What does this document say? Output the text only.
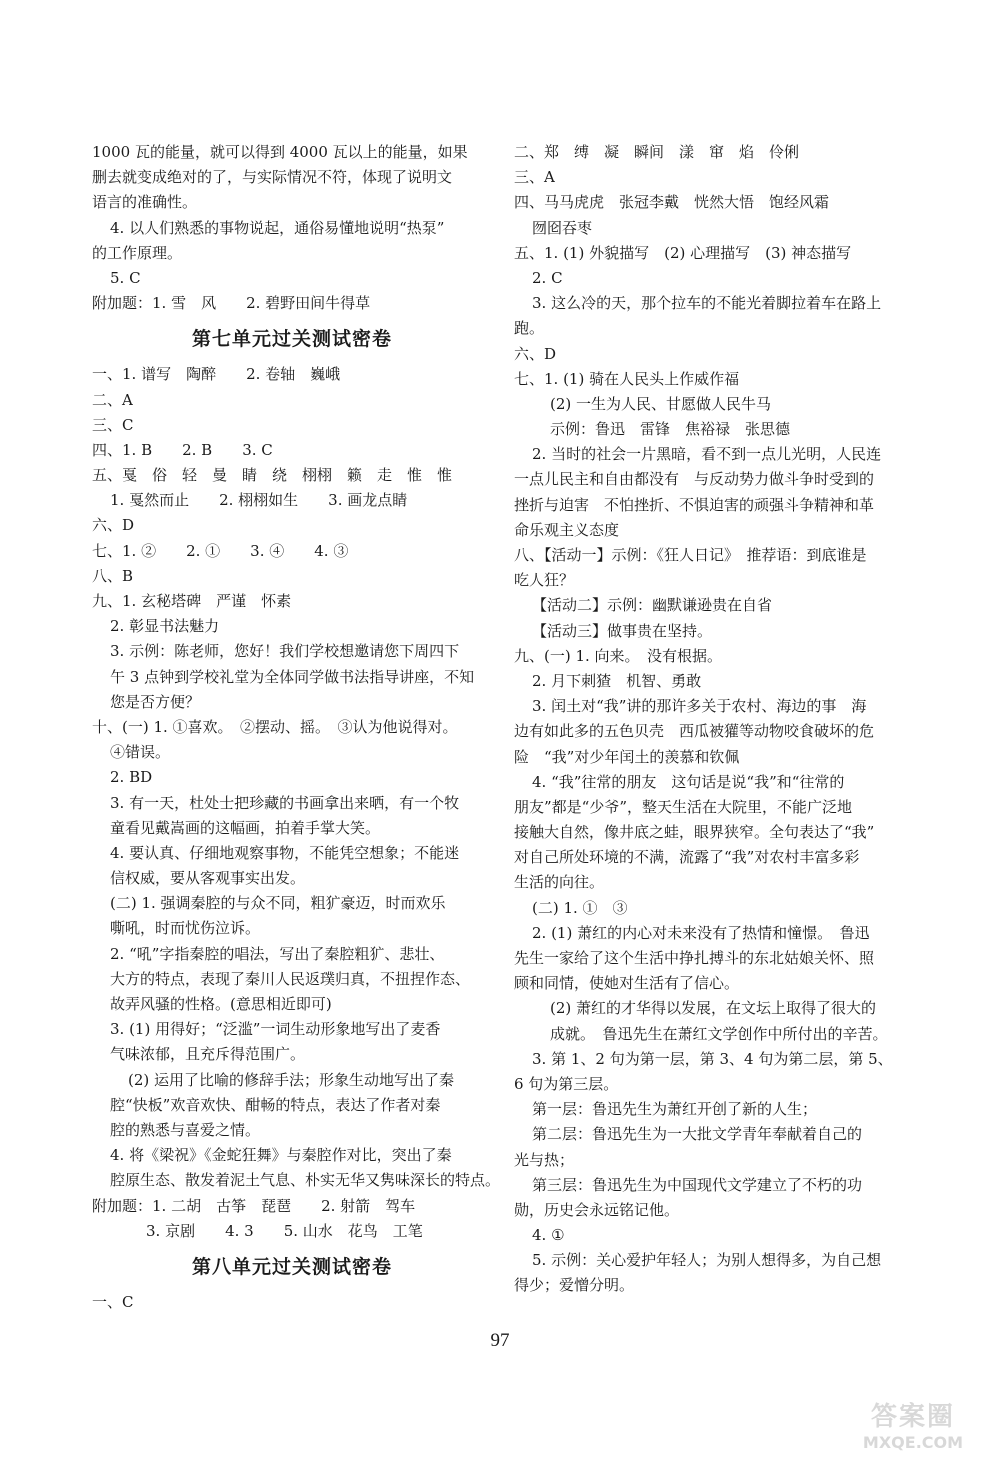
1000 瓦的能量，就可以得到 4000 瓦以上的能量，如果
删去就变成绝对的了，与实际情况不符，体现了说明文
语言的准确性。
4. 以人们熟悉的事物说起，通俗易懂地说明“热泵”
的工作原理。
5. C
附加题：1. 雪　风　　2. 碧野田间牛得草
第七单元过关测试密卷
一、1. 谱写　陶醉　　2. 卷轴　巍峨
二、A
三、C
四、1. B　　2. B　　3. C
五、戛　俗　轻　曼　睛　绕　栩栩　籁　走　惟　惟
1. 戛然而止　　2. 栩栩如生　　3. 画龙点睛
六、D
七、1. ②　　2. ①　　3. ④　　4. ③
八、B
九、1. 玄秘塔碑　严谨　怀素
2. 彰显书法魅力
3. 示例：陈老师，您好！我们学校想邀请您下周四下
午 3 点钟到学校礼堂为全体同学做书法指导讲座，不知
您是否方便？
十、(一) 1. ①喜欢。　②摆动、摇。　③认为他说得对。
④错误。
2. BD
3. 有一天，杜处士把珍藏的书画拿出来晒，有一个牧
童看见戴嵩画的这幅画，拍着手掌大笑。
4. 要认真、仔细地观察事物，不能凭空想象；不能迷
信权威，要从客观事实出发。
(二) 1. 强调秦腔的与众不同，粗犷豪迈，时而欢乐
嘶吼，时而忧伤泣诉。
2. “吼”字指秦腔的唱法，写出了秦腔粗犷、悲壮、
大方的特点，表现了秦川人民返璞归真，不扭捏作态、
故弄风骚的性格。(意思相近即可)
3. (1) 用得好；“泛滥”一词生动形象地写出了麦香
气味浓郁，且充斥得范围广。
(2) 运用了比喻的修辞手法；形象生动地写出了秦
腔“快板”欢音欢快、酣畅的特点，表达了作者对秦
腔的熟悉与喜爱之情。
4. 将《梁祝》《金蛇狂舞》与秦腔作对比，突出了秦
腔原生态、散发着泥土气息、朴实无华又隽味深长的特点。
附加题：1. 二胡　古筝　琵琶　　2. 射箭　驾车
3. 京剧　　4. 3　　5. 山水　花鸟　工笔
第八单元过关测试密卷
一、C
二、郑　缚　凝　瞬间　漾　窜　焰　伶俐
三、A
四、马马虎虎　张冠李戴　恍然大悟　饱经风霜
囫囵吞枣
五、1. (1) 外貌描写　(2) 心理描写　(3) 神态描写
2. C
3. 这么冷的天，那个拉车的不能光着脚拉着车在路上
跑。
六、D
七、1. (1) 骑在人民头上作威作福
(2) 一生为人民、甘愿做人民牛马
示例：鲁迅　雷锋　焦裕禄　张思德
2. 当时的社会一片黑暗，看不到一点儿光明，人民连
一点儿民主和自由都没有　与反动势力做斗争时受到的
挫折与迫害　不怕挫折、不惧迫害的顽强斗争精神和革
命乐观主义态度
八、【活动一】示例：《狂人日记》　推荐语：到底谁是
吃人狂？
【活动二】示例：幽默谦逊贵在自省
【活动三】做事贵在坚持。
九、(一) 1. 向来。　没有根据。
2. 月下刺猹　机智、勇敢
3. 闰土对“我”讲的那许多关于农村、海边的事　海
边有如此多的五色贝壳　西瓜被獾等动物咬食破坏的危
险　“我”对少年闰土的羡慕和钦佩
4. “我”往常的朋友　这句话是说“我”和“往常的
朋友”都是“少爷”，整天生活在大院里，不能广泛地
接触大自然，像井底之蛙，眼界狭窄。全句表达了“我”
对自己所处环境的不满，流露了“我”对农村丰富多彩
生活的向往。
(二) 1. ①　③
2. (1) 萧红的内心对未来没有了热情和憧憬。　鲁迅
先生一家给了这个生活中挣扎搏斗的东北姑娘关怀、照
顾和同情，使她对生活有了信心。
(2) 萧红的才华得以发展，在文坛上取得了很大的
成就。　鲁迅先生在萧红文学创作中所付出的辛苦。
3. 第 1、2 句为第一层，第 3、4 句为第二层，第 5、
6 句为第三层。
第一层：鲁迅先生为萧红开创了新的人生；
第二层：鲁迅先生为一大批文学青年奉献着自己的
光与热；
第三层：鲁迅先生为中国现代文学建立了不朽的功
勋，历史会永远铭记他。
4. ①
5. 示例：关心爱护年轻人；为别人想得多，为自己想
得少；爱憎分明。
97
答案圈
MXQE.COM
